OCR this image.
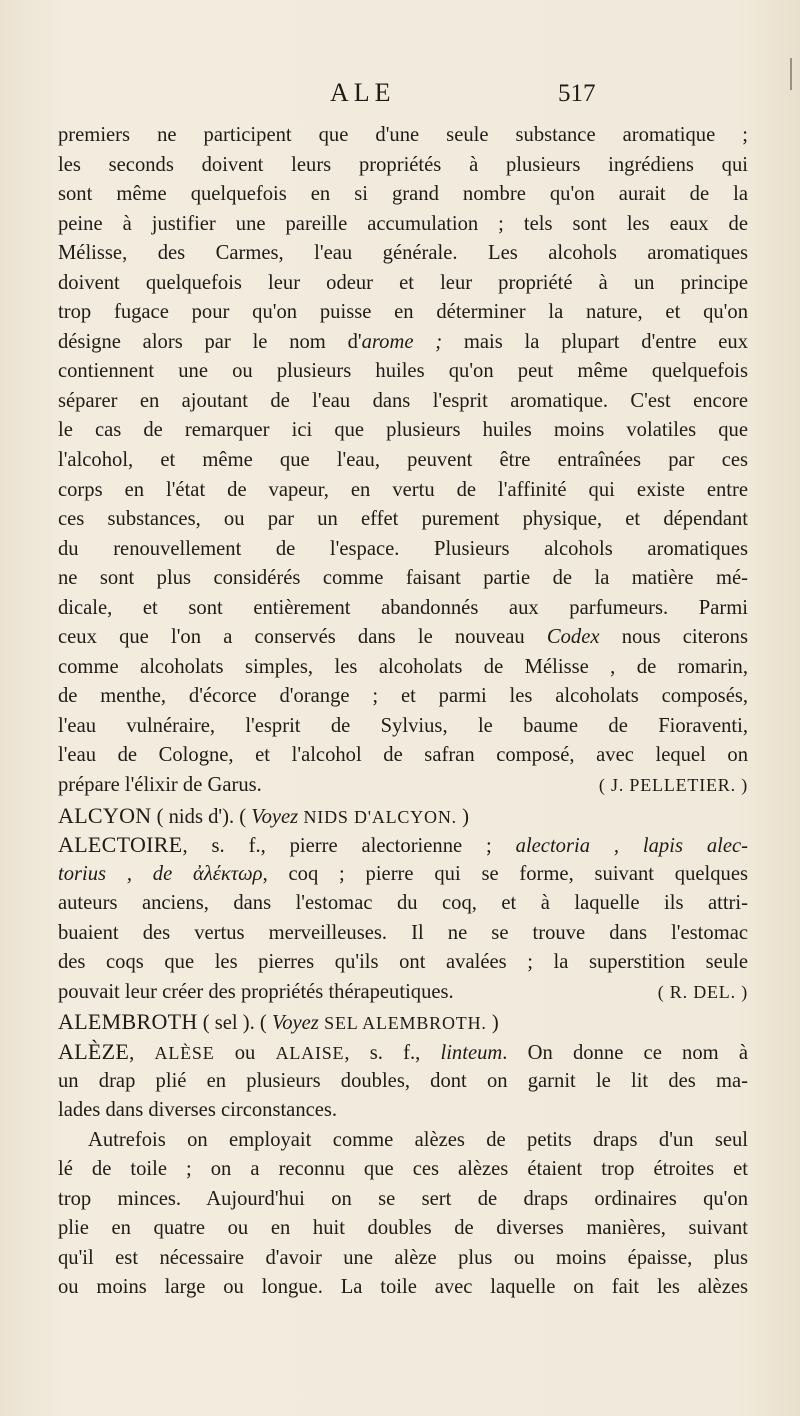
ALE	517
premiers ne participent que d'une seule substance aromatique ;
les seconds doivent leurs propriétés à plusieurs ingrédiens qui
sont même quelquefois en si grand nombre qu'on aurait de la
peine à justifier une pareille accumulation ; tels sont les eaux de
Mélisse, des Carmes, l'eau générale. Les alcohols aromatiques
doivent quelquefois leur odeur et leur propriété à un principe
trop fugace pour qu'on puisse en déterminer la nature, et qu'on
désigne alors par le nom d'arome ; mais la plupart d'entre eux
contiennent une ou plusieurs huiles qu'on peut même quelquefois
séparer en ajoutant de l'eau dans l'esprit aromatique. C'est encore
le cas de remarquer ici que plusieurs huiles moins volatiles que
l'alcohol, et même que l'eau, peuvent être entraînées par ces
corps en l'état de vapeur, en vertu de l'affinité qui existe entre
ces substances, ou par un effet purement physique, et dépendant
du renouvellement de l'espace. Plusieurs alcohols aromatiques
ne sont plus considérés comme faisant partie de la matière mé-
dicale, et sont entièrement abandonnés aux parfumeurs. Parmi
ceux que l'on a conservés dans le nouveau Codex nous citerons
comme alcoholats simples, les alcoholats de Mélisse , de romarin,
de menthe, d'écorce d'orange ; et parmi les alcoholats composés,
l'eau vulnéraire, l'esprit de Sylvius, le baume de Fioraventi,
l'eau de Cologne, et l'alcohol de safran composé, avec lequel on
prépare l'élixir de Garus.	( J. PELLETIER. )
ALCYON ( nids d'). ( Voyez NIDS D'ALCYON. )
ALECTOIRE, s. f., pierre alectorienne ; alectoria , lapis alec-
torius , de ἀλέκτωρ, coq ; pierre qui se forme, suivant quelques
auteurs anciens, dans l'estomac du coq, et à laquelle ils attri-
buaient des vertus merveilleuses. Il ne se trouve dans l'estomac
des coqs que les pierres qu'ils ont avalées ; la superstition seule
pouvait leur créer des propriétés thérapeutiques.	( R. DEL. )
ALEMBROTH ( sel ). ( Voyez SEL ALEMBROTH. )
ALÈZE, ALÈSE ou ALAISE, s. f., linteum. On donne ce nom à
un drap plié en plusieurs doubles, dont on garnit le lit des ma-
lades dans diverses circonstances.
Autrefois on employait comme alèzes de petits draps d'un seul
lé de toile ; on a reconnu que ces alèzes étaient trop étroites et
trop minces. Aujourd'hui on se sert de draps ordinaires qu'on
plie en quatre ou en huit doubles de diverses manières, suivant
qu'il est nécessaire d'avoir une alèze plus ou moins épaisse, plus
ou moins large ou longue. La toile avec laquelle on fait les alèzes
